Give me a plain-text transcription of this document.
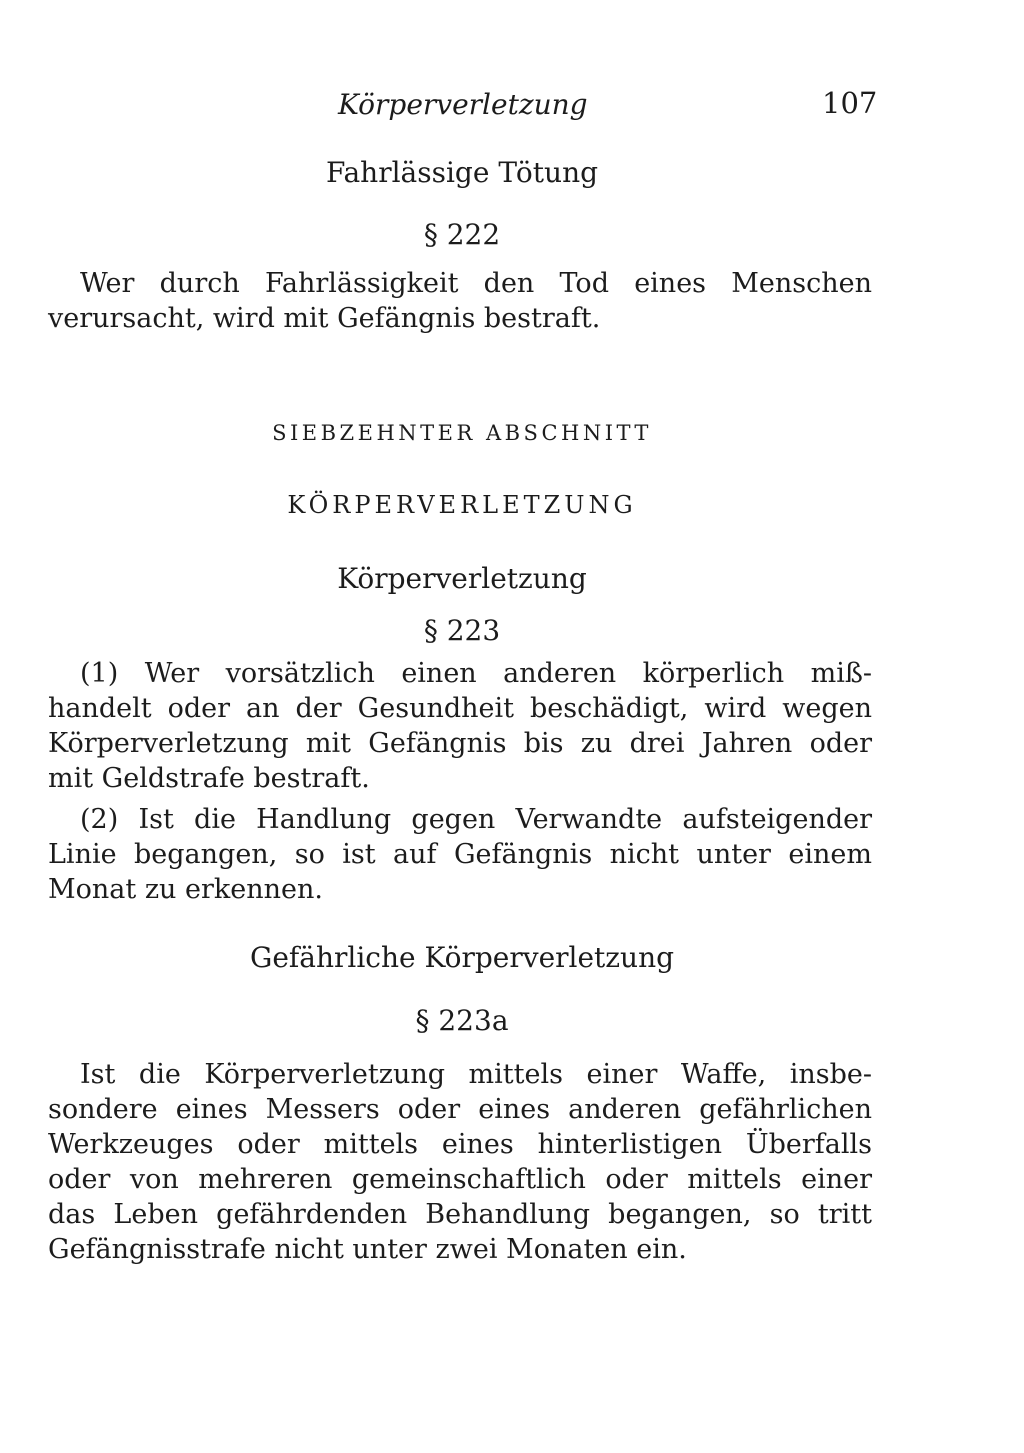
Körperverletzung	107
Fahrlässige Tötung
§ 222
Wer durch Fahrlässigkeit den Tod eines Menschen
verursacht, wird mit Gefängnis bestraft.
SIEBZEHNTER ABSCHNITT
KÖRPERVERLETZUNG
Körperverletzung
§ 223
(1) Wer vorsätzlich einen anderen körperlich miß-
handelt oder an der Gesundheit beschädigt, wird wegen
Körperverletzung mit Gefängnis bis zu drei Jahren oder
mit Geldstrafe bestraft.
(2) Ist die Handlung gegen Verwandte aufsteigender
Linie begangen, so ist auf Gefängnis nicht unter einem
Monat zu erkennen.
Gefährliche Körperverletzung
§ 223a
Ist die Körperverletzung mittels einer Waffe, insbe-
sondere eines Messers oder eines anderen gefährlichen
Werkzeuges oder mittels eines hinterlistigen Überfalls
oder von mehreren gemeinschaftlich oder mittels einer
das Leben gefährdenden Behandlung begangen, so tritt
Gefängnisstrafe nicht unter zwei Monaten ein.
